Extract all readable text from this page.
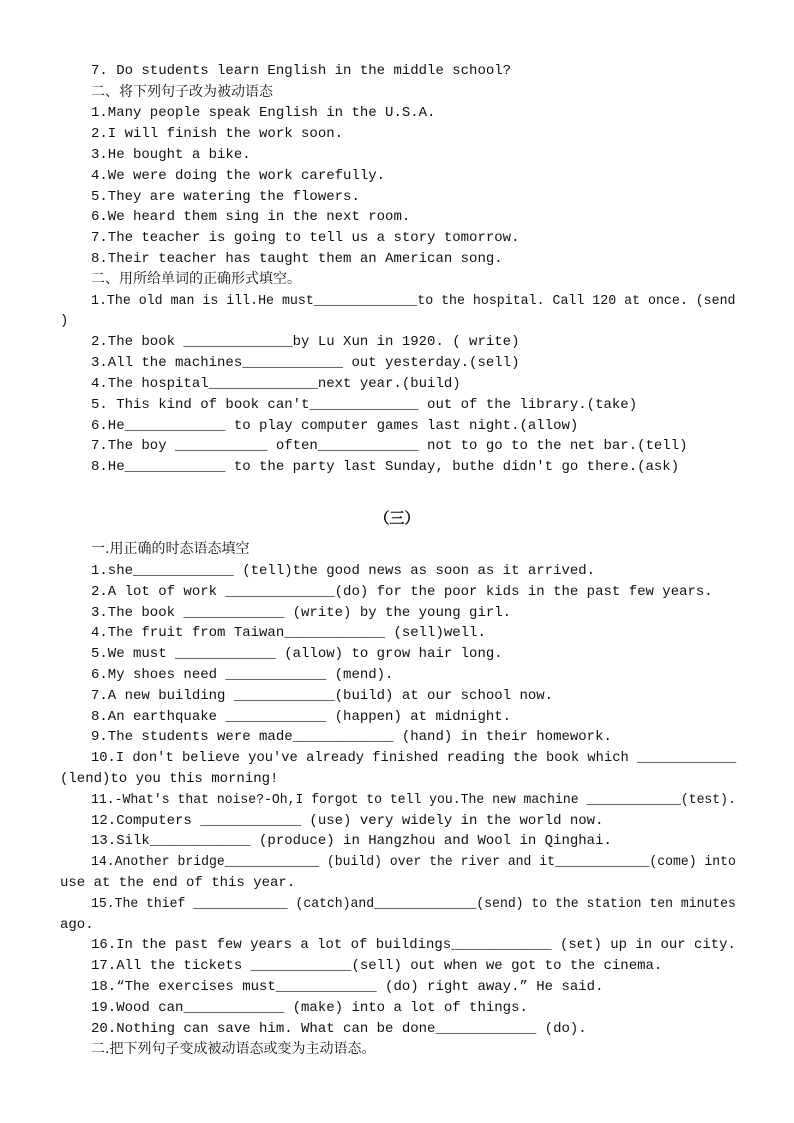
7. Do students learn English in the middle school?
二、将下列句子改为被动语态
1.Many people speak English in the U.S.A.
2.I will finish the work soon.
3.He bought a bike.
4.We were doing the work carefully.
5.They are watering the flowers.
6.We heard them sing in the next room.
7.The teacher is going to tell us a story tomorrow.
8.Their teacher has taught them an American song.
二、用所给单词的正确形式填空。
1.The old man is ill.He must_____________to the hospital. Call 120 at once. (send
)
2.The book _____________by Lu Xun in 1920. ( write)
3.All the machines____________ out yesterday.(sell)
4.The hospital_____________next year.(build)
5. This kind of book can't_____________ out of the library.(take)
6.He____________ to play computer games last night.(allow)
7.The boy ___________ often____________ not to go to the net bar.(tell)
8.He____________ to the party last Sunday, buthe didn't go there.(ask)
（三）
一.用正确的时态语态填空
1.she____________ (tell)the good news as soon as it arrived.
2.A lot of work _____________(do) for the poor kids in the past few years.
3.The book ____________ (write) by the young girl.
4.The fruit from Taiwan____________ (sell)well.
5.We must ____________ (allow) to grow hair long.
6.My shoes need ____________ (mend).
7.A new building ____________(build) at our school now.
8.An earthquake ____________ (happen) at midnight.
9.The students were made____________ (hand) in their homework.
10.I don't believe you've already finished reading the book which ____________
(lend)to you this morning!
11.-What's that noise?-Oh,I forgot to tell you.The new machine ____________(test).
12.Computers ____________ (use) very widely in the world now.
13.Silk____________ (produce) in Hangzhou and Wool in Qinghai.
14.Another bridge____________ (build) over the river and it____________(come) into
use at the end of this year.
15.The thief ____________ (catch)and_____________(send) to the station ten minutes
ago.
16.In the past few years a lot of buildings____________ (set) up in our city.
17.All the tickets ____________(sell) out when we got to the cinema.
18.“The exercises must____________ (do) right away.” He said.
19.Wood can____________ (make) into a lot of things.
20.Nothing can save him. What can be done____________ (do).
二.把下列句子变成被动语态或变为主动语态。
